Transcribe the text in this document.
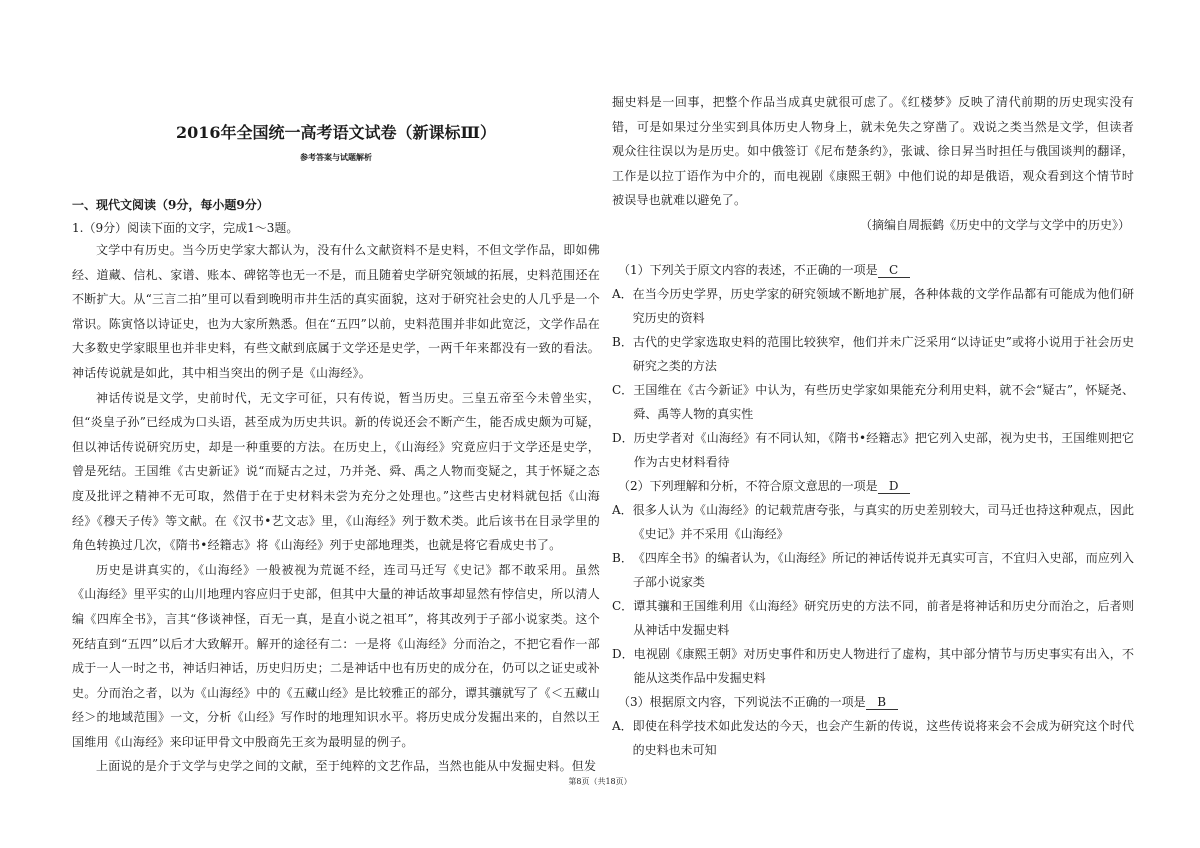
2016年全国统一高考语文试卷（新课标Ⅲ）

参考答案与试题解析

一、现代文阅读（9分，每小题9分）

1.（9分）阅读下面的文字，完成1～3题。

文学中有历史。当今历史学家大都认为，没有什么文献资料不是史料，不但文学作品，即如佛经、道藏、信札、家谱、账本、碑铭等也无一不是，而且随着史学研究领域的拓展，史料范围还在不断扩大。从“三言二拍”里可以看到晚明市井生活的真实面貌，这对于研究社会史的人几乎是一个常识。陈寅恪以诗证史，也为大家所熟悉。但在“五四”以前，史料范围并非如此宽泛，文学作品在大多数史学家眼里也并非史料，有些文献到底属于文学还是史学，一两千年来都没有一致的看法。神话传说就是如此，其中相当突出的例子是《山海经》。

神话传说是文学，史前时代，无文字可征，只有传说，暂当历史。三皇五帝至今未曾坐实，但“炎皇子孙”已经成为口头语，甚至成为历史共识。新的传说还会不断产生，能否成史颇为可疑，但以神话传说研究历史，却是一种重要的方法。在历史上，《山海经》究竟应归于文学还是史学，曾是死结。王国维《古史新证》说“而疑古之过，乃并尧、舜、禹之人物而变疑之，其于怀疑之态度及批评之精神不无可取，然借于在于史材料未尝为充分之处理也。”这些古史材料就包括《山海经》《穆天子传》等文献。在《汉书•艺文志》里，《山海经》列于数术类。此后该书在目录学里的角色转换过几次，《隋书•经籍志》将《山海经》列于史部地理类，也就是将它看成史书了。

历史是讲真实的，《山海经》一般被视为荒诞不经，连司马迁写《史记》都不敢采用。虽然《山海经》里平实的山川地理内容应归于史部，但其中大量的神话故事却显然有悖信史，所以清人编《四库全书》，言其“侈谈神怪，百无一真，是直小说之祖耳”，将其改列于子部小说家类。这个死结直到“五四”以后才大致解开。解开的途径有二：一是将《山海经》分而治之，不把它看作一部成于一人一时之书，神话归神话，历史归历史；二是神话中也有历史的成分在，仍可以之证史或补史。分而治之者，以为《山海经》中的《五藏山经》是比较雅正的部分，谭其骧就写了《＜五藏山经＞的地域范围》一文，分析《山经》写作时的地理知识水平。将历史成分发掘出来的，自然以王国维用《山海经》来印证甲骨文中殷商先王亥为最明显的例子。

上面说的是介于文学与史学之间的文献，至于纯粹的文艺作品，当然也能从中发掘史料。但发

掘史料是一回事，把整个作品当成真史就很可虑了。《红楼梦》反映了清代前期的历史现实没有错，可是如果过分坐实到具体历史人物身上，就未免失之穿凿了。戏说之类当然是文学，但读者观众往往误以为是历史。如中俄签订《尼布楚条约》，张诚、徐日昇当时担任与俄国谈判的翻译，工作是以拉丁语作为中介的，而电视剧《康熙王朝》中他们说的却是俄语，观众看到这个情节时被误导也就难以避免了。

（摘编自周振鹤《历史中的文学与文学中的历史》）

（1）下列关于原文内容的表述，不正确的一项是 C

A． 在当今历史学界，历史学家的研究领域不断地扩展，各种体裁的文学作品都有可能成为他们研究历史的资料
B． 古代的史学家选取史料的范围比较狭窄，他们并未广泛采用“以诗证史”或将小说用于社会历史研究之类的方法
C． 王国维在《古今新证》中认为，有些历史学家如果能充分利用史料，就不会“疑古”，怀疑尧、舜、禹等人物的真实性
D． 历史学者对《山海经》有不同认知，《隋书•经籍志》把它列入史部，视为史书，王国维则把它作为古史材料看待

（2）下列理解和分析，不符合原文意思的一项是 D

A． 很多人认为《山海经》的记载荒唐夸张，与真实的历史差别较大，司马迁也持这种观点，因此《史记》并不采用《山海经》
B． 《四库全书》的编者认为，《山海经》所记的神话传说并无真实可言，不宜归入史部，而应列入子部小说家类
C． 谭其骧和王国维利用《山海经》研究历史的方法不同，前者是将神话和历史分而治之，后者则从神话中发掘史料
D． 电视剧《康熙王朝》对历史事件和历史人物进行了虚构，其中部分情节与历史事实有出入，不能从这类作品中发掘史料

（3）根据原文内容，下列说法不正确的一项是 B

A． 即使在科学技术如此发达的今天，也会产生新的传说，这些传说将来会不会成为研究这个时代的史料也未可知

第8页（共18页）
